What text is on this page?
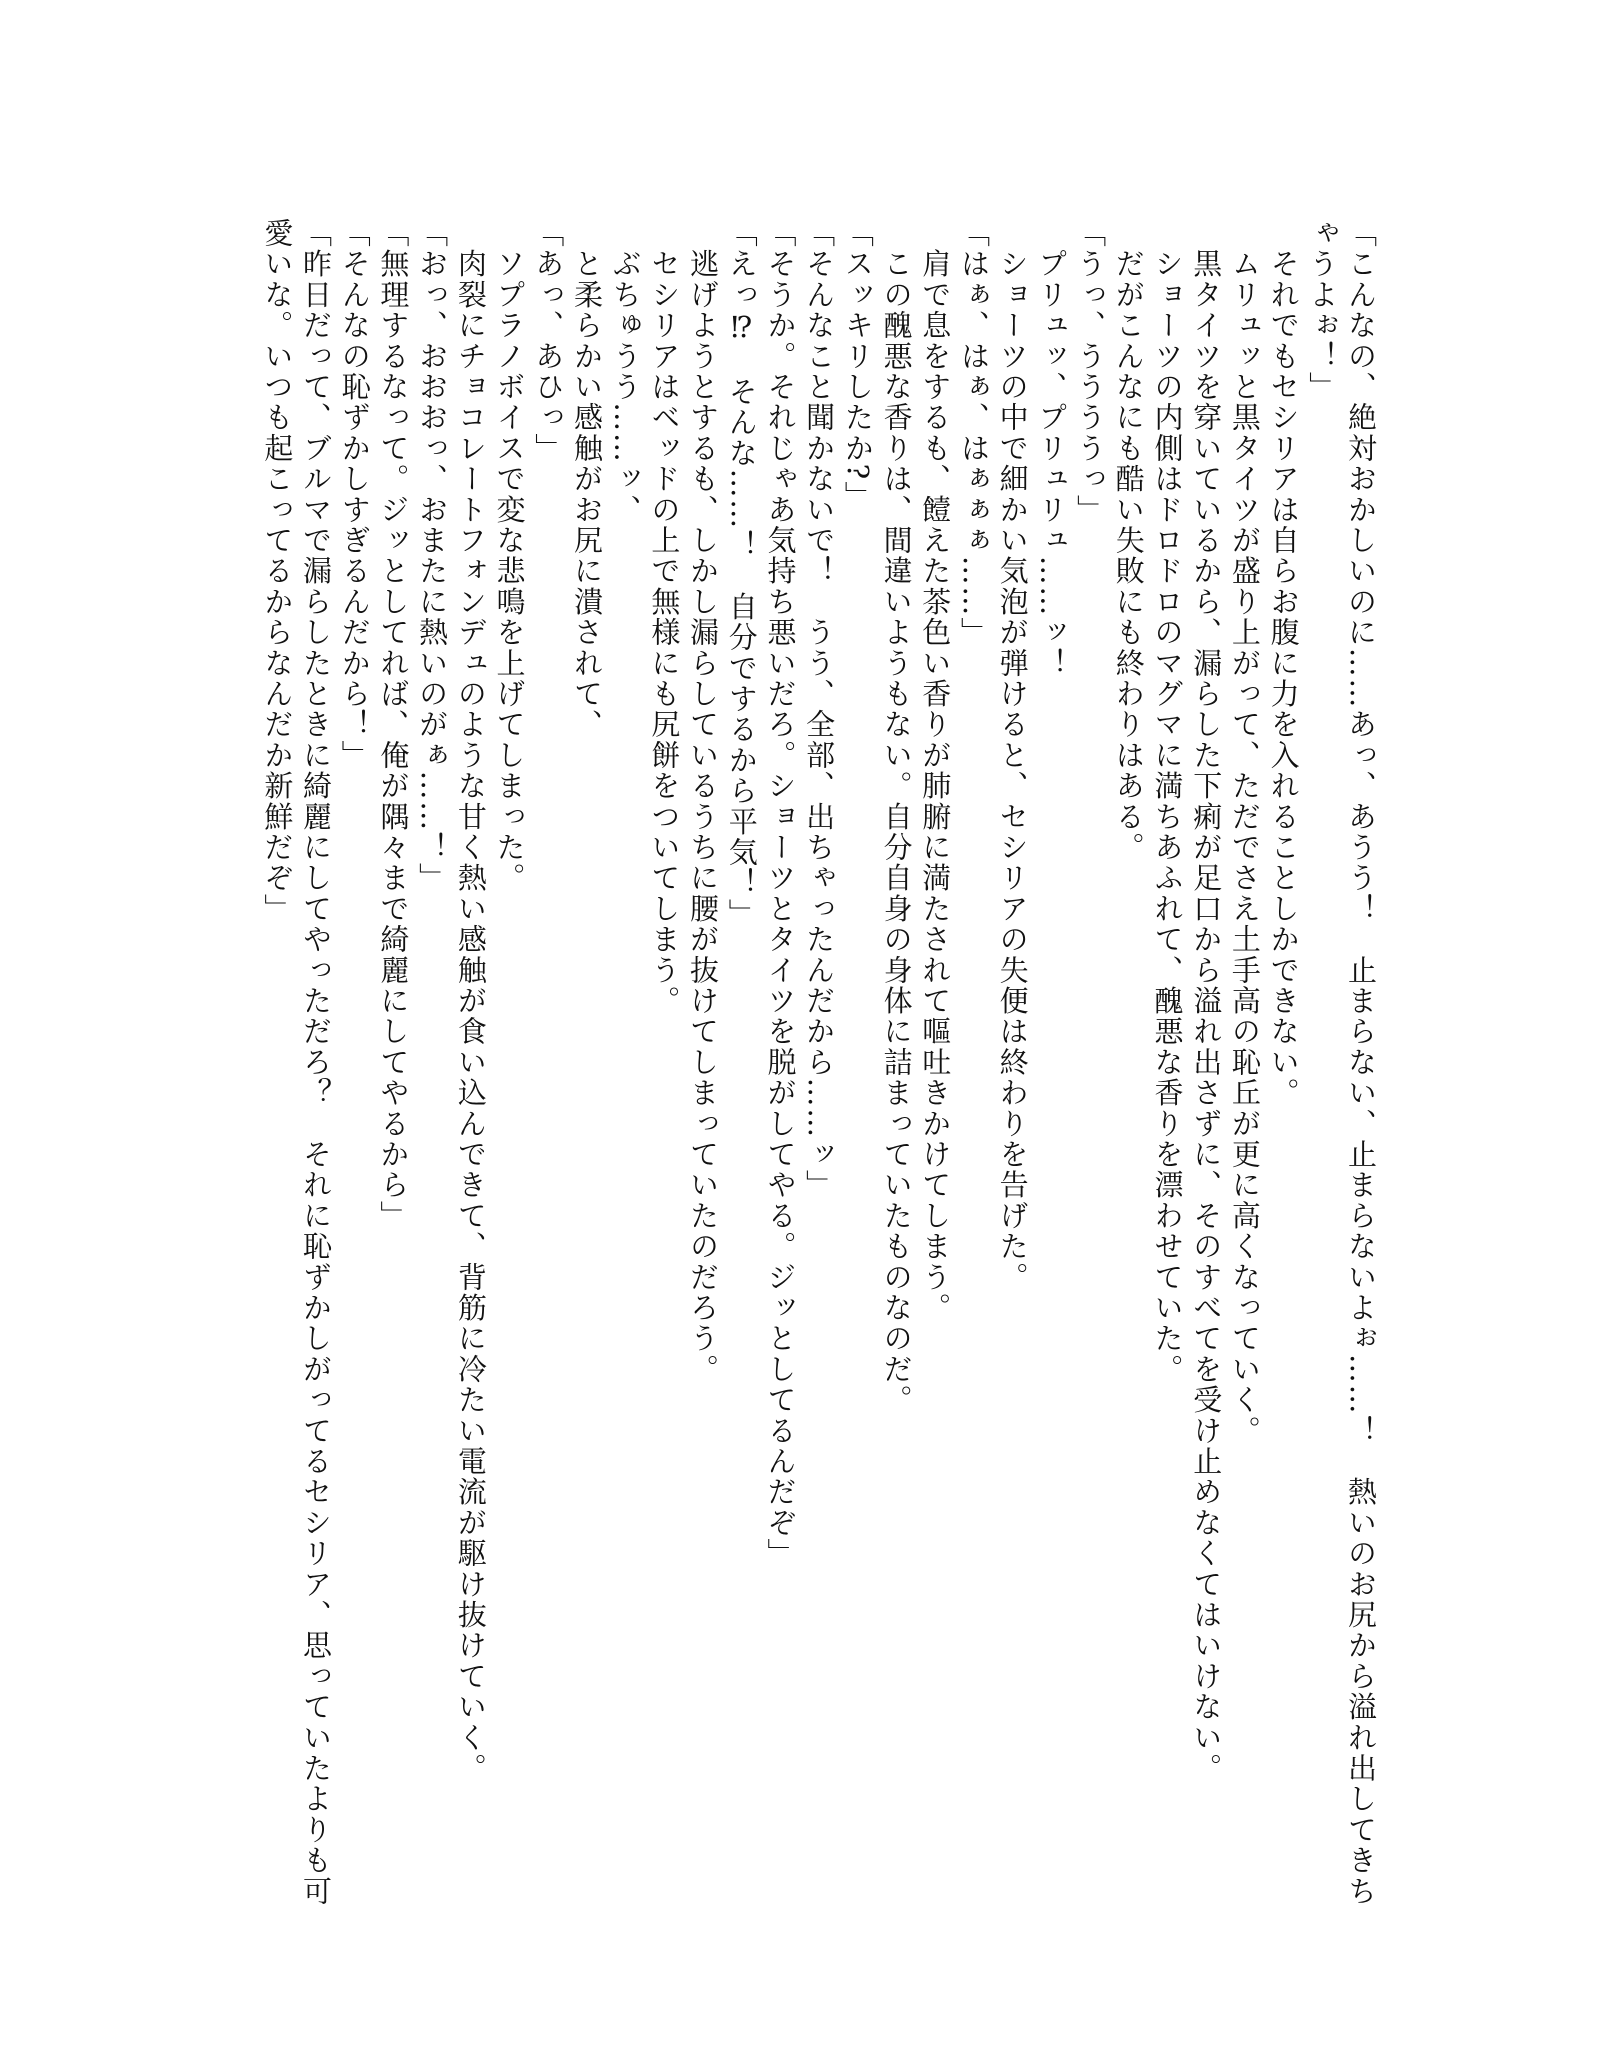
「こんなの、絶対おかしいのに……あっ、あうう！　止まらない、止まらないよぉ……！　熱いのお尻から溢れ出してきち

ゃうよぉ！」

　それでもセシリアは自らお腹に力を入れることしかできない。

　ムリュッと黒タイツが盛り上がって、ただでさえ土手高の恥丘が更に高くなっていく。

　黒タイツを穿いているから、漏らした下痢が足口から溢れ出さずに、そのすべてを受け止めなくてはいけない。

　ショーツの内側はドロドロのマグマに満ちあふれて、醜悪な香りを漂わせていた。

　だがこんなにも酷い失敗にも終わりはある。

「うっ、ううううっ」

　プリュッ、プリュリュ……ッ！

　ショーツの中で細かい気泡が弾けると、セシリアの失便は終わりを告げた。

「はぁ、はぁ、はぁぁぁ……」

　肩で息をするも、饐えた茶色い香りが肺腑に満たされて嘔吐きかけてしまう。

　この醜悪な香りは、間違いようもない。自分自身の身体に詰まっていたものなのだ。

「スッキリしたか?」

「そんなこと聞かないで！　うう、全部、出ちゃったんだから……ッ」

「そうか。それじゃあ気持ち悪いだろ。ショーツとタイツを脱がしてやる。ジッとしてるんだぞ」

「えっ⁉　そんな……！　自分でするから平気！」

　逃げようとするも、しかし漏らしているうちに腰が抜けてしまっていたのだろう。

　セシリアはベッドの上で無様にも尻餅をついてしまう。

　ぶちゅうう……ッ、

　と柔らかい感触がお尻に潰されて、

「あっ、あひっ」

　ソプラノボイスで変な悲鳴を上げてしまった。

　肉裂にチョコレートフォンデュのような甘く熱い感触が食い込んできて、背筋に冷たい電流が駆け抜けていく。

「おっ、おおおっ、おまたに熱いのがぁ……！」

「無理するなって。ジッとしてれば、俺が隅々まで綺麗にしてやるから」

「そんなの恥ずかしすぎるんだから！」

「昨日だって、ブルマで漏らしたときに綺麗にしてやっただろ？　それに恥ずかしがってるセシリア、思っていたよりも可

愛いな。いつも起こってるからなんだか新鮮だぞ」
